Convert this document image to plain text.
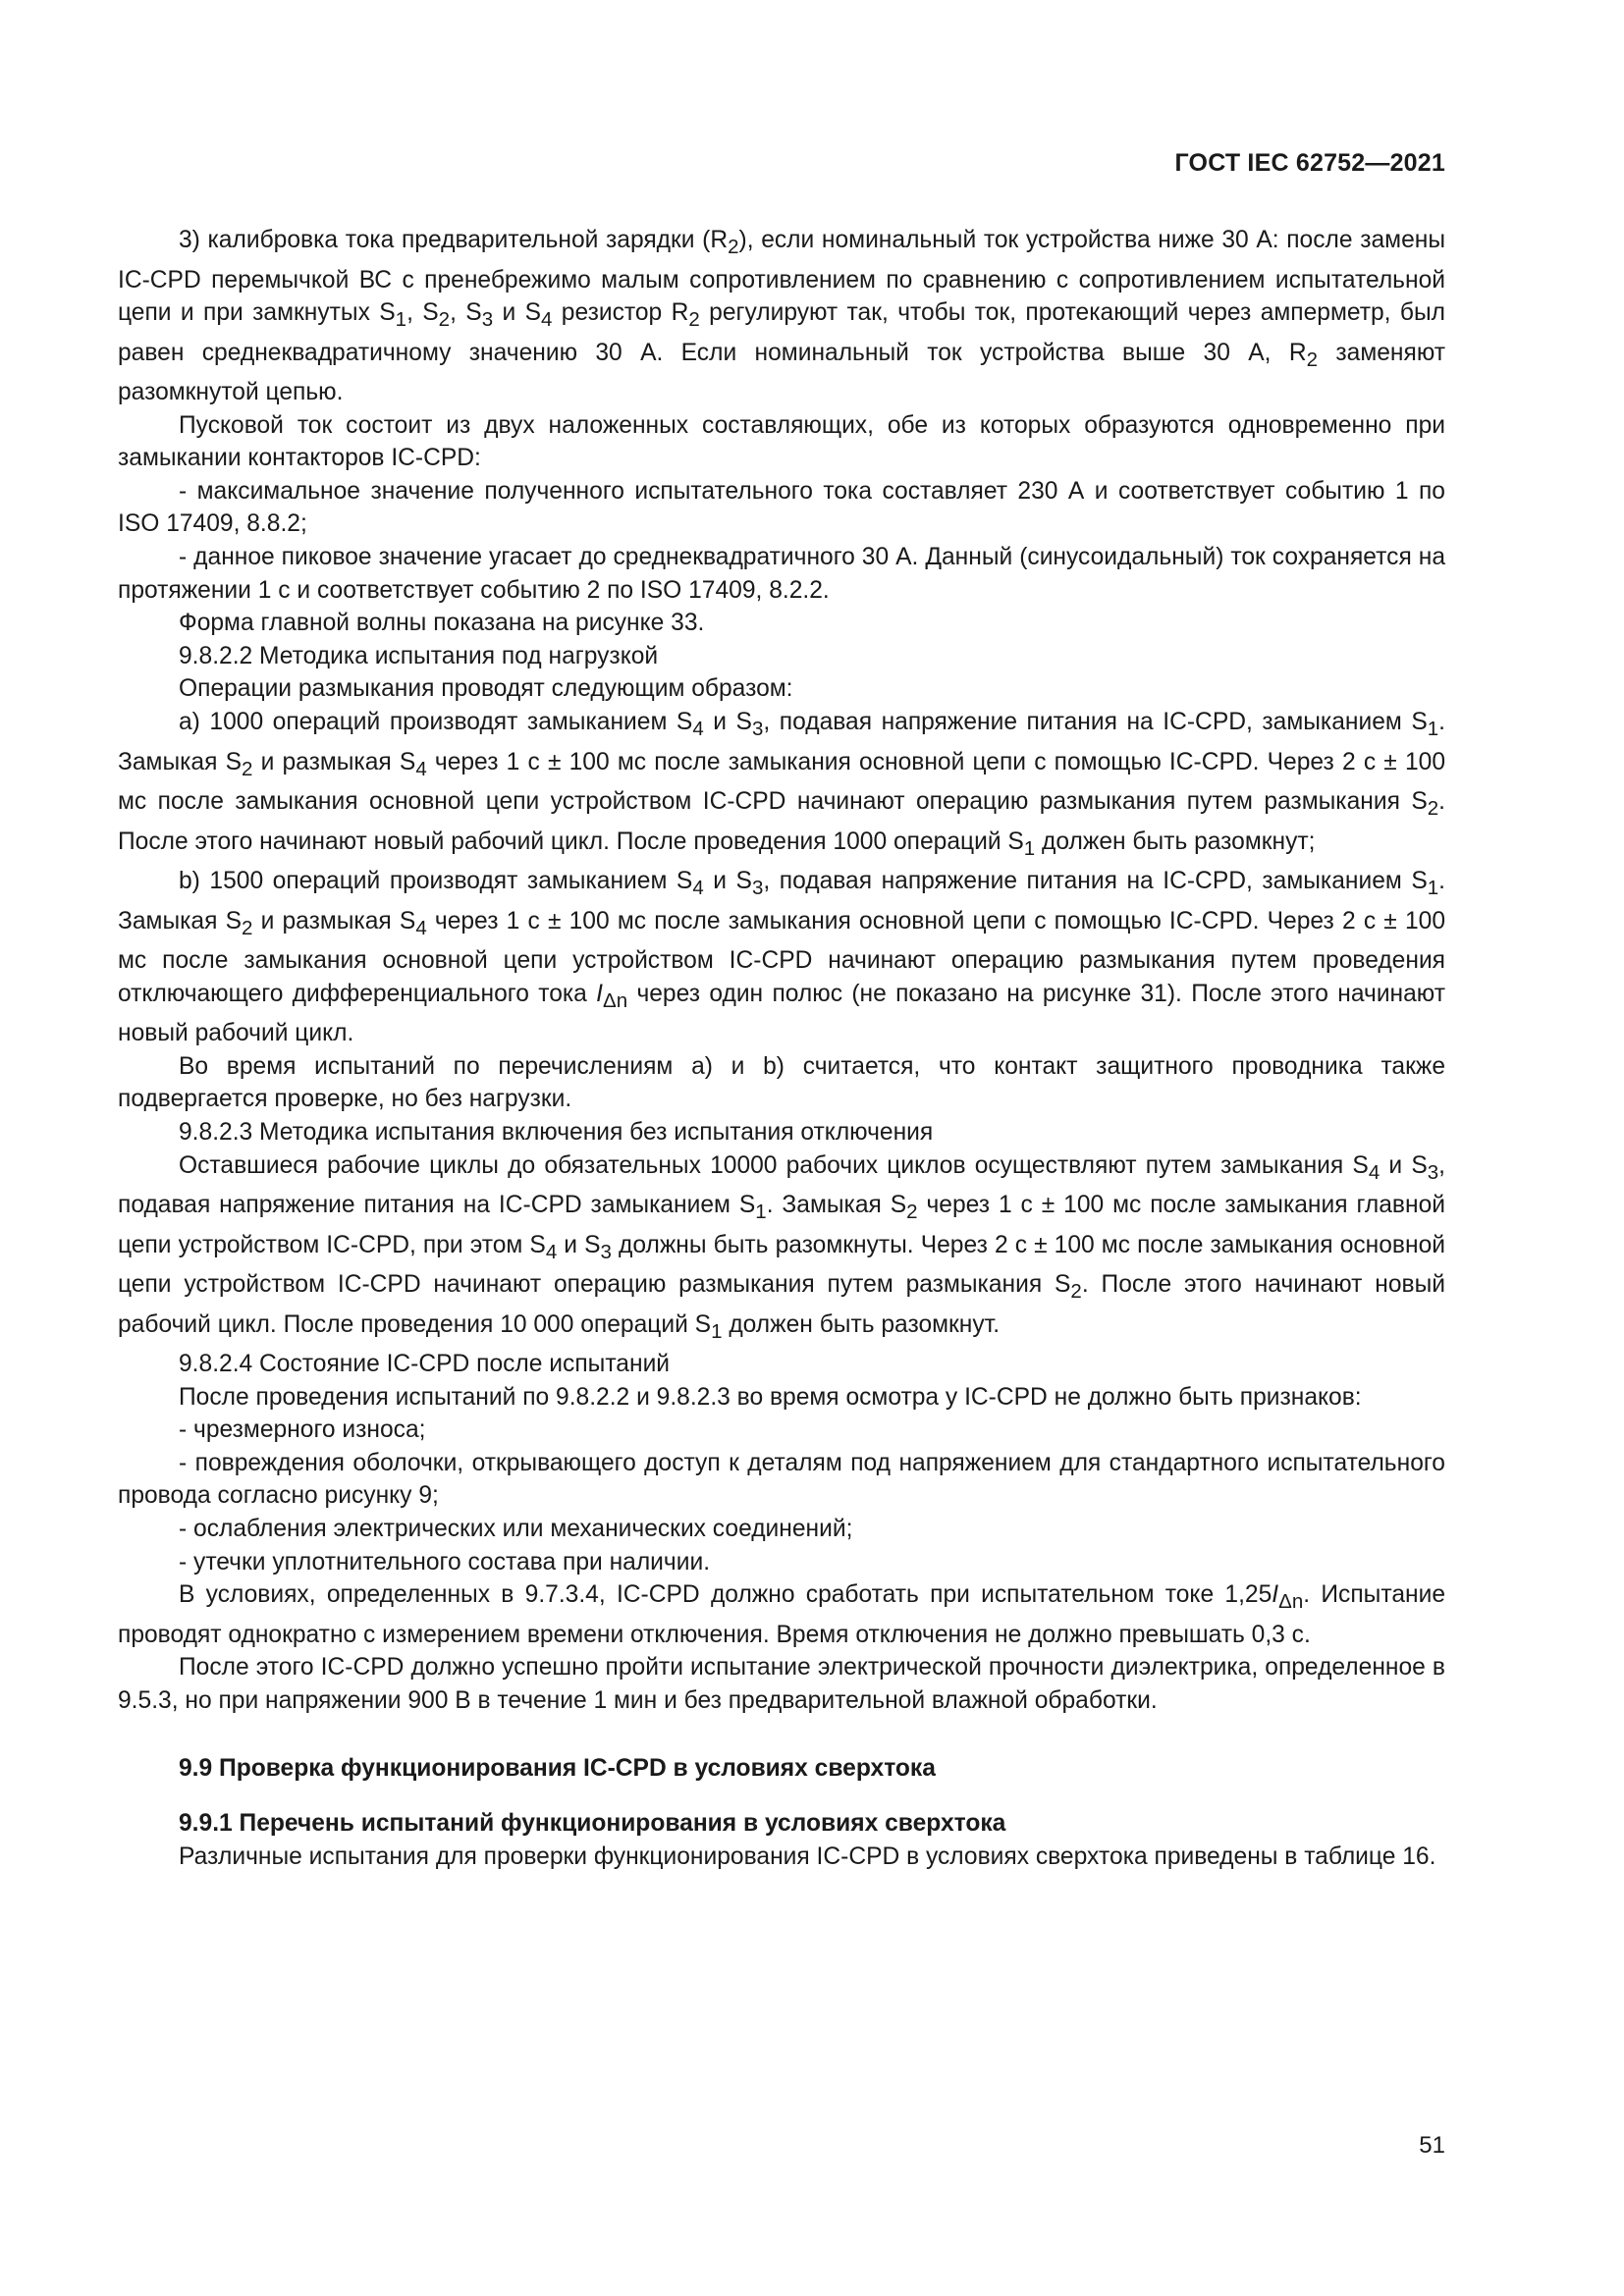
ГОСТ IEC 62752—2021

3) калибровка тока предварительной зарядки $(R_2)$, если номинальный ток устройства ниже 30 А: после замены IC-CPD перемычкой ВС с пренебрежимо малым сопротивлением по сравнению с сопротивлением испытательной цепи и при замкнутых $S_1$, $S_2$, $S_3$ и $S_4$ резистор $R_2$ регулируют так, чтобы ток, протекающий через амперметр, был равен среднеквадратичному значению 30 А. Если номинальный ток устройства выше 30 А, $R_2$ заменяют разомкнутой цепью.

Пусковой ток состоит из двух наложенных составляющих, обе из которых образуются одновременно при замыкании контакторов IC-CPD:

- максимальное значение полученного испытательного тока составляет 230 А и соответствует событию 1 по ISO 17409, 8.8.2;

- данное пиковое значение угасает до среднеквадратичного 30 А. Данный (синусоидальный) ток сохраняется на протяжении 1 с и соответствует событию 2 по ISO 17409, 8.2.2.

Форма главной волны показана на рисунке 33.

9.8.2.2 Методика испытания под нагрузкой

Операции размыкания проводят следующим образом:

a) 1000 операций производят замыканием $S_4$ и $S_3$, подавая напряжение питания на IC-CPD, замыканием $S_1$. Замыкая $S_2$ и размыкая $S_4$ через 1 с ± 100 мс после замыкания основной цепи с помощью IC-CPD. Через 2 с ± 100 мс после замыкания основной цепи устройством IC-CPD начинают операцию размыкания путем размыкания $S_2$. После этого начинают новый рабочий цикл. После проведения 1000 операций $S_1$ должен быть разомкнут;

b) 1500 операций производят замыканием $S_4$ и $S_3$, подавая напряжение питания на IC-CPD, замыканием $S_1$. Замыкая $S_2$ и размыкая $S_4$ через 1 с ± 100 мс после замыкания основной цепи с помощью IC-CPD. Через 2 с ± 100 мс после замыкания основной цепи устройством IC-CPD начинают операцию размыкания путем проведения отключающего дифференциального тока $I_{\Delta n}$ через один полюс (не показано на рисунке 31). После этого начинают новый рабочий цикл.

Во время испытаний по перечислениям a) и b) считается, что контакт защитного проводника также подвергается проверке, но без нагрузки.

9.8.2.3 Методика испытания включения без испытания отключения

Оставшиеся рабочие циклы до обязательных 10000 рабочих циклов осуществляют путем замыкания $S_4$ и $S_3$, подавая напряжение питания на IC-CPD замыканием $S_1$. Замыкая $S_2$ через 1 с ± 100 мс после замыкания главной цепи устройством IC-CPD, при этом $S_4$ и $S_3$ должны быть разомкнуты. Через 2 с ± 100 мс после замыкания основной цепи устройством IC-CPD начинают операцию размыкания путем размыкания $S_2$. После этого начинают новый рабочий цикл. После проведения 10 000 операций $S_1$ должен быть разомкнут.

9.8.2.4 Состояние IC-CPD после испытаний

После проведения испытаний по 9.8.2.2 и 9.8.2.3 во время осмотра у IC-CPD не должно быть признаков:

- чрезмерного износа;

- повреждения оболочки, открывающего доступ к деталям под напряжением для стандартного испытательного провода согласно рисунку 9;

- ослабления электрических или механических соединений;

- утечки уплотнительного состава при наличии.

В условиях, определенных в 9.7.3.4, IC-CPD должно сработать при испытательном токе $1,25I_{\Delta n}$. Испытание проводят однократно с измерением времени отключения. Время отключения не должно превышать 0,3 с.

После этого IC-CPD должно успешно пройти испытание электрической прочности диэлектрика, определенное в 9.5.3, но при напряжении 900 В в течение 1 мин и без предварительной влажной обработки.

9.9 Проверка функционирования IC-CPD в условиях сверхтока

9.9.1 Перечень испытаний функционирования в условиях сверхтока

Различные испытания для проверки функционирования IC-CPD в условиях сверхтока приведены в таблице 16.

51
